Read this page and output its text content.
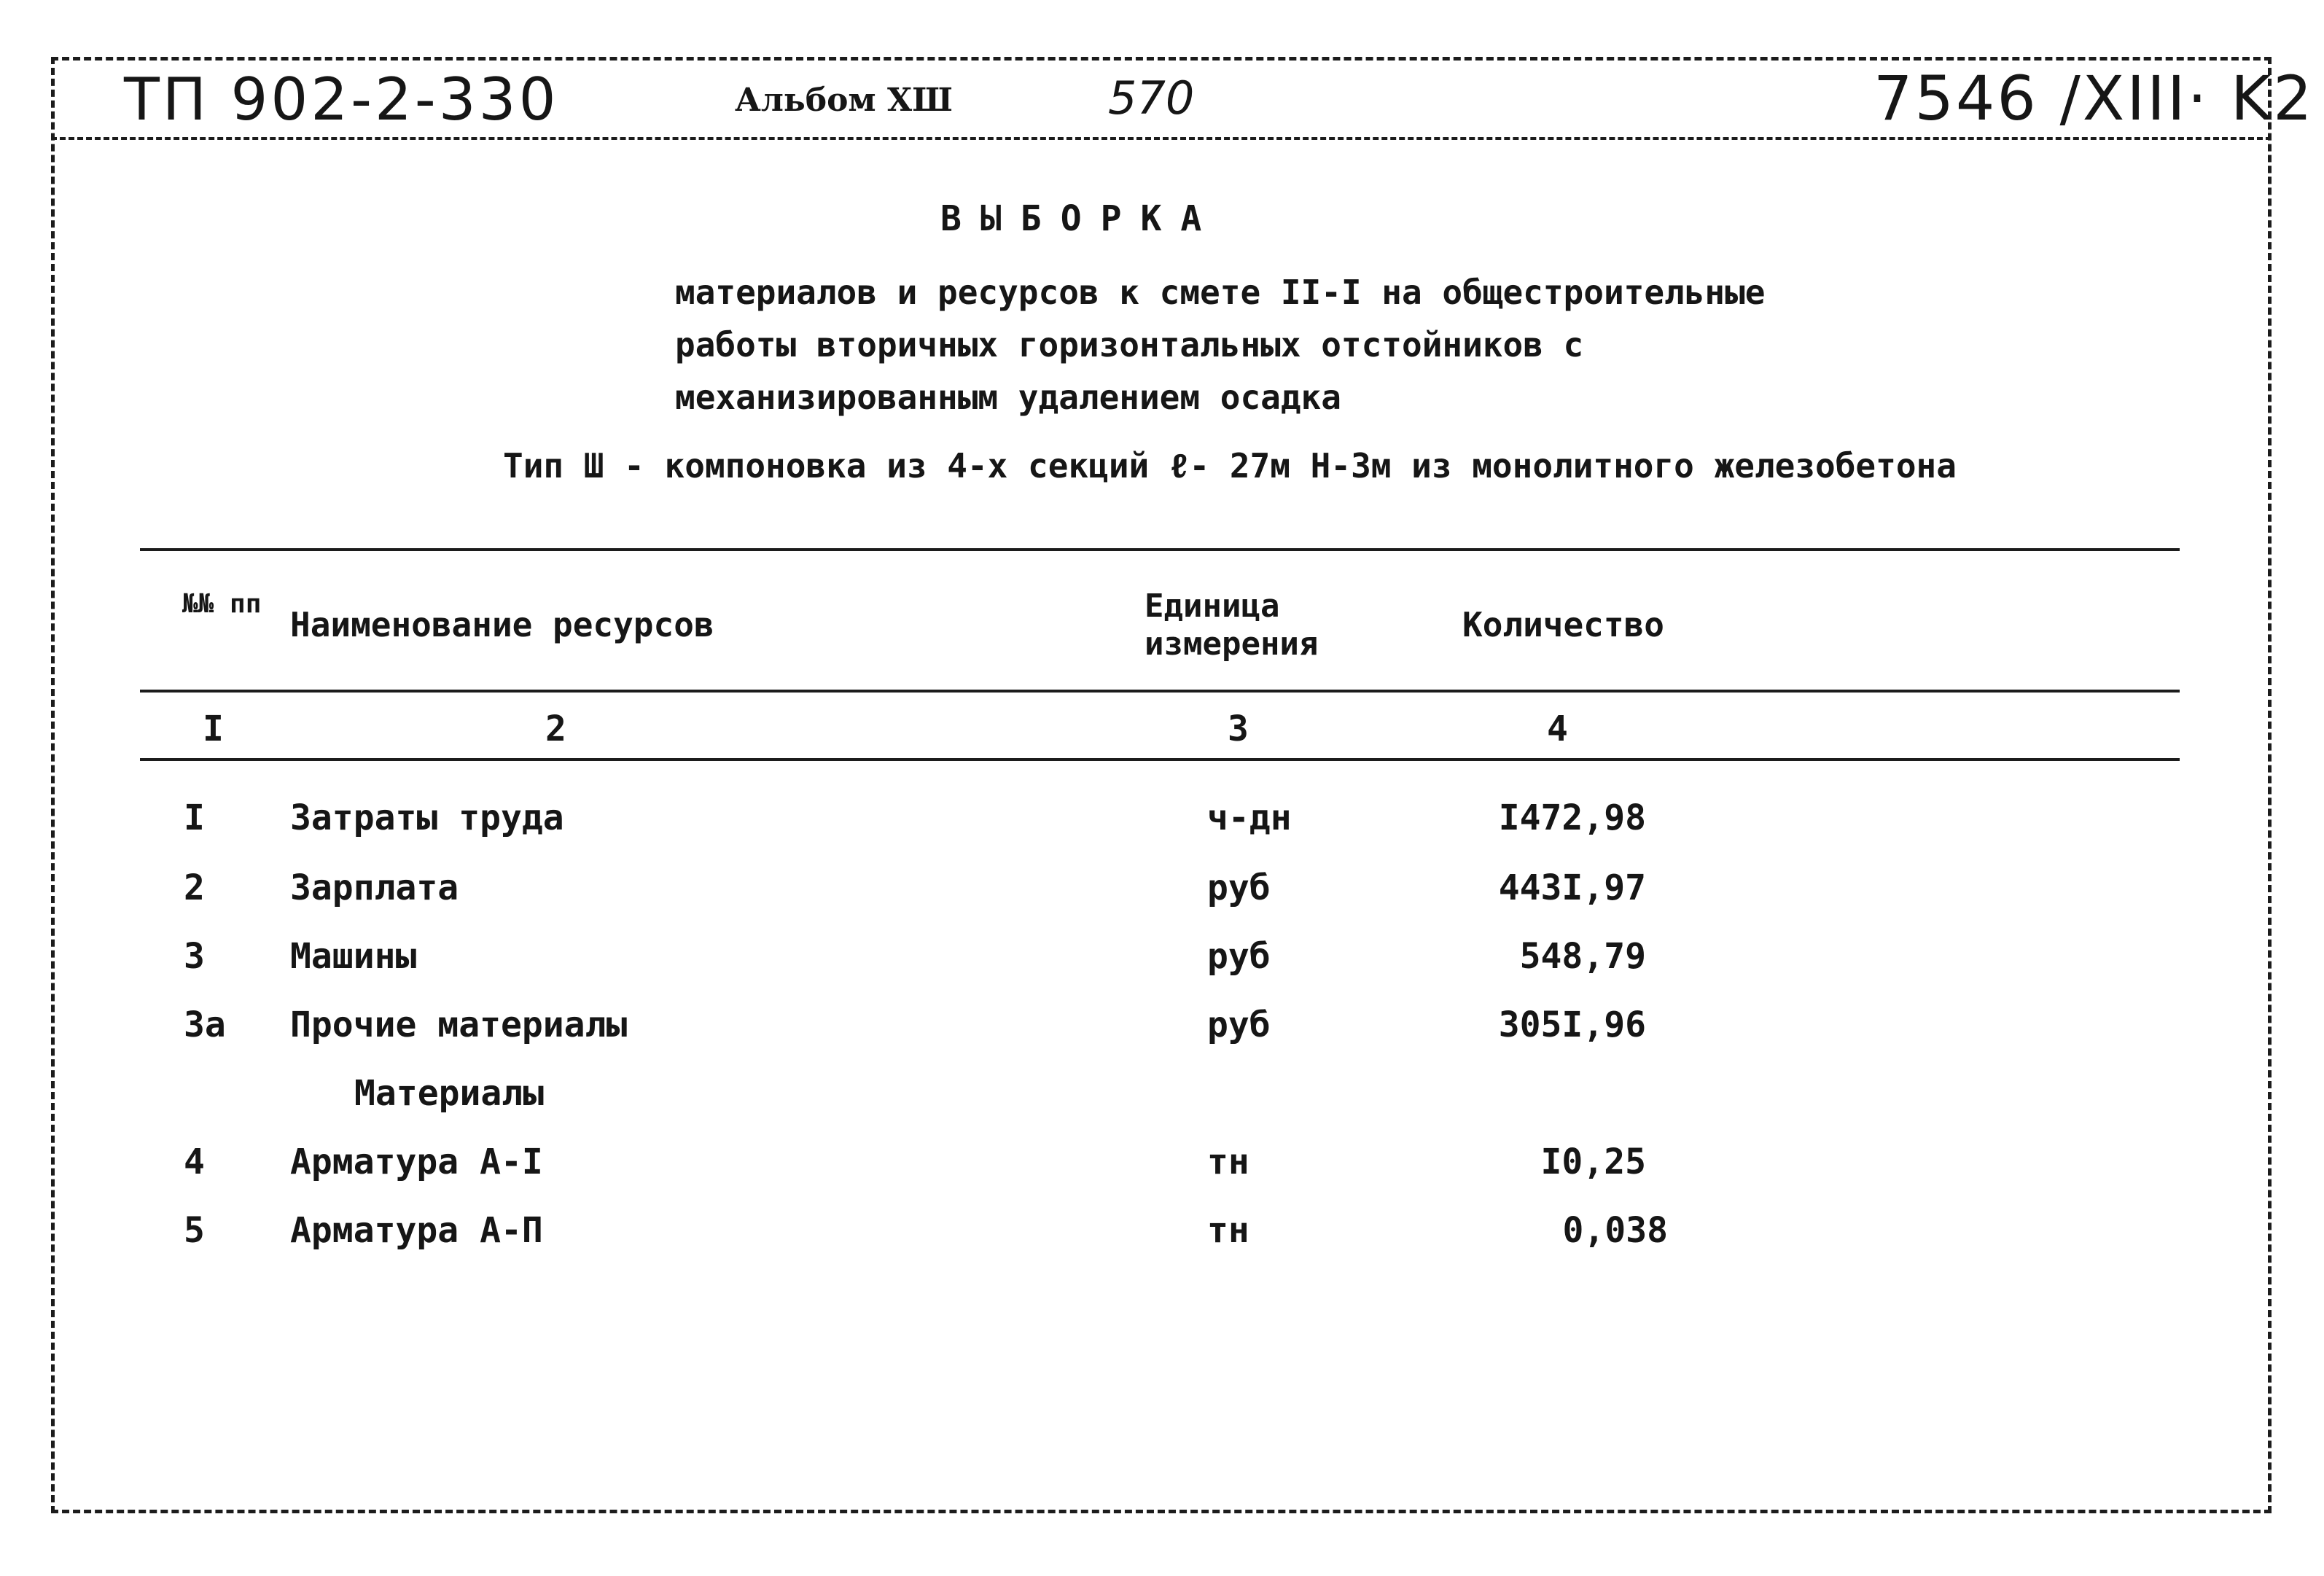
ТП 902-2-330	Альбом XШ	570	7546 /XIII· K2
ВЫБОРКА
материалов и ресурсов к смете II-I на общестроительные
работы вторичных горизонтальных отстойников с
механизированным удалением осадка
Тип Ш - компоновка из 4-х секций ℓ- 27м Н-3м из монолитного железобетона
№№ пп
Наименование ресурсов	Единица измерения	Количество
I	2	3	4
I Затраты труда	ч-дн	I472,98
2 Зарплата	руб	443I,97
3 Машины	руб	548,79
3а Прочие материалы	руб	305I,96
Материалы
4 Арматура А-I	тн	I0,25
5 Арматура А-П	тн	0,038
